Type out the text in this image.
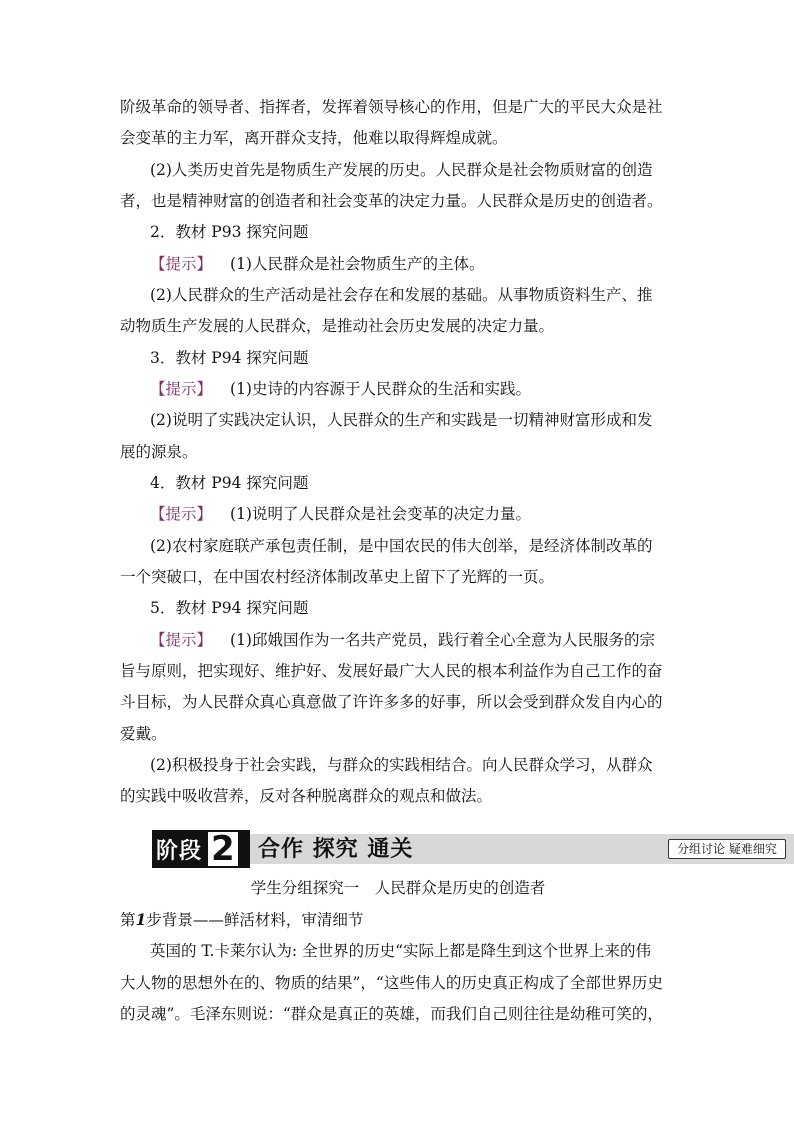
阶级革命的领导者、指挥者，发挥着领导核心的作用，但是广大的平民大众是社
会变革的主力军，离开群众支持，他难以取得辉煌成就。
(2)人类历史首先是物质生产发展的历史。人民群众是社会物质财富的创造
者，也是精神财富的创造者和社会变革的决定力量。人民群众是历史的创造者。
2．教材 P93 探究问题
【提示】 (1)人民群众是社会物质生产的主体。
(2)人民群众的生产活动是社会存在和发展的基础。从事物质资料生产、推
动物质生产发展的人民群众，是推动社会历史发展的决定力量。
3．教材 P94 探究问题
【提示】 (1)史诗的内容源于人民群众的生活和实践。
(2)说明了实践决定认识，人民群众的生产和实践是一切精神财富形成和发
展的源泉。
4．教材 P94 探究问题
【提示】 (1)说明了人民群众是社会变革的决定力量。
(2)农村家庭联产承包责任制，是中国农民的伟大创举，是经济体制改革的
一个突破口，在中国农村经济体制改革史上留下了光辉的一页。
5．教材 P94 探究问题
【提示】 (1)邱娥国作为一名共产党员，践行着全心全意为人民服务的宗
旨与原则，把实现好、维护好、发展好最广大人民的根本利益作为自己工作的奋
斗目标，为人民群众真心真意做了许许多多的好事，所以会受到群众发自内心的
爱戴。
(2)积极投身于社会实践，与群众的实践相结合。向人民群众学习，从群众
的实践中吸收营养，反对各种脱离群众的观点和做法。
阶段 2 合作 探究 通关	分组讨论 疑难细究
学生分组探究一　人民群众是历史的创造者
第1步背景——鲜活材料，审清细节
英国的 T.卡莱尔认为: 全世界的历史“实际上都是降生到这个世界上来的伟
大人物的思想外在的、物质的结果”，“这些伟人的历史真正构成了全部世界历史
的灵魂”。毛泽东则说：“群众是真正的英雄，而我们自己则往往是幼稚可笑的，
